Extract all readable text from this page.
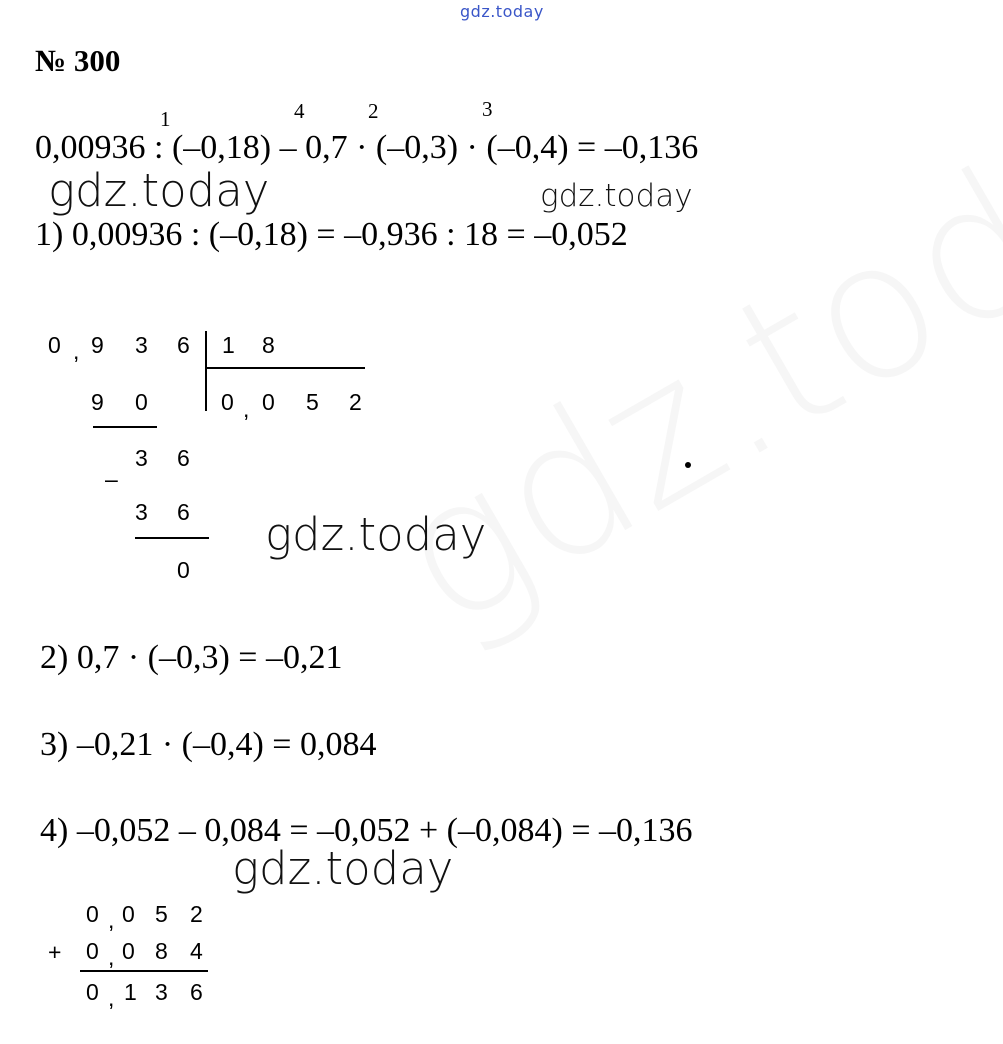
gdz.today
№ 300
1	4	2	3
0,00936 : (–0,18) – 0,7 · (–0,3) · (–0,4) = –0,136
gdz.today	gdz.today
1) 0,00936 : (–0,18) = –0,936 : 18 = –0,052
0 , 9 3 6 1 8
0 , 0 5 2
9 0
3 6
–
3 6
0
gdz.today
2) 0,7 · (–0,3) = –0,21
3) –0,21 · (–0,4) = 0,084
4) –0,052 – 0,084 = –0,052 + (–0,084) = –0,136
gdz.today
0 , 0 5 2
+ 0 , 0 8 4
0 , 1 3 6
